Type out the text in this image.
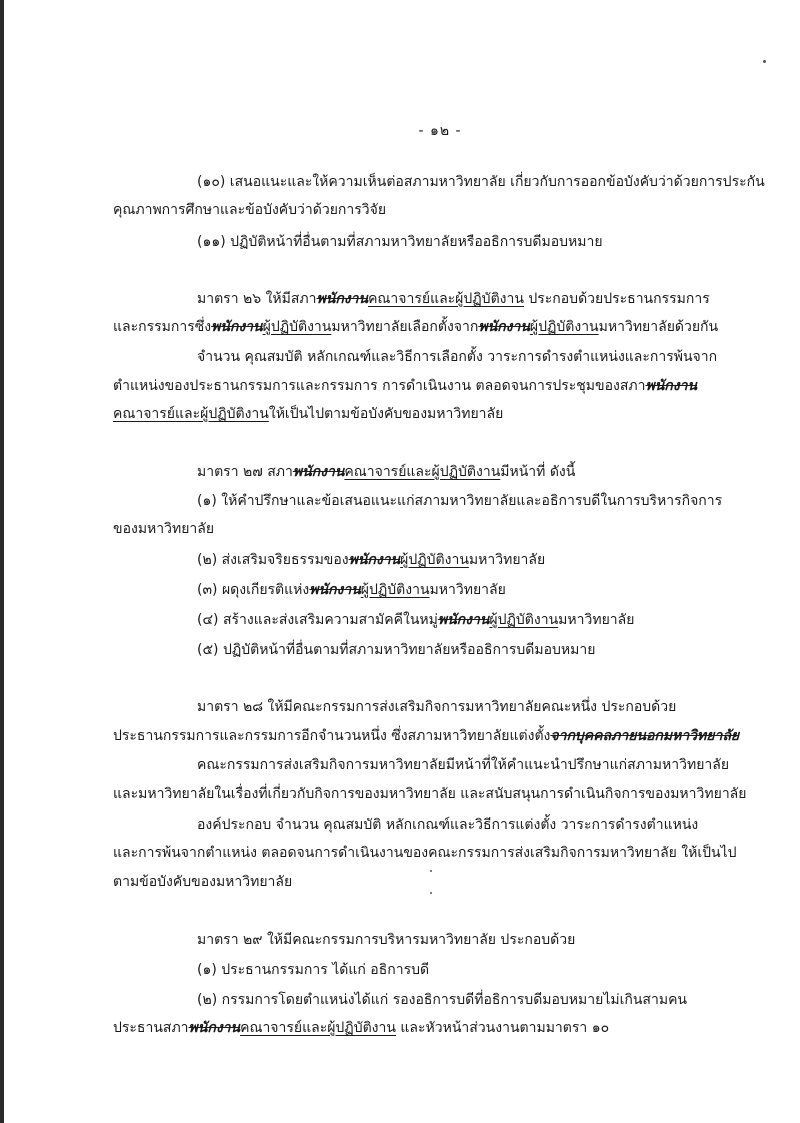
- ๑๒ -
(๑๐) เสนอแนะและให้ความเห็นต่อสภามหาวิทยาลัย เกี่ยวกับการออกข้อบังคับว่าด้วยการประกัน
คุณภาพการศึกษาและข้อบังคับว่าด้วยการวิจัย
(๑๑) ปฏิบัติหน้าที่อื่นตามที่สภามหาวิทยาลัยหรืออธิการบดีมอบหมาย
มาตรา ๒๖ ให้มีสภาพนักงานคณาจารย์และผู้ปฏิบัติงาน ประกอบด้วยประธานกรรมการ
และกรรมการซึ่งพนักงานผู้ปฏิบัติงานมหาวิทยาลัยเลือกตั้งจากพนักงานผู้ปฏิบัติงานมหาวิทยาลัยด้วยกัน
จำนวน คุณสมบัติ หลักเกณฑ์และวิธีการเลือกตั้ง วาระการดำรงตำแหน่งและการพ้นจาก
ตำแหน่งของประธานกรรมการและกรรมการ การดำเนินงาน ตลอดจนการประชุมของสภาพนักงาน
คณาจารย์และผู้ปฏิบัติงานให้เป็นไปตามข้อบังคับของมหาวิทยาลัย
มาตรา ๒๗ สภาพนักงานคณาจารย์และผู้ปฏิบัติงานมีหน้าที่ ดังนี้
(๑) ให้คำปรึกษาและข้อเสนอแนะแก่สภามหาวิทยาลัยและอธิการบดีในการบริหารกิจการ
ของมหาวิทยาลัย
(๒) ส่งเสริมจริยธรรมของพนักงานผู้ปฏิบัติงานมหาวิทยาลัย
(๓) ผดุงเกียรติแห่งพนักงานผู้ปฏิบัติงานมหาวิทยาลัย
(๔) สร้างและส่งเสริมความสามัคคีในหมู่พนักงานผู้ปฏิบัติงานมหาวิทยาลัย
(๕) ปฏิบัติหน้าที่อื่นตามที่สภามหาวิทยาลัยหรืออธิการบดีมอบหมาย
มาตรา ๒๘ ให้มีคณะกรรมการส่งเสริมกิจการมหาวิทยาลัยคณะหนึ่ง ประกอบด้วย
ประธานกรรมการและกรรมการอีกจำนวนหนึ่ง ซึ่งสภามหาวิทยาลัยแต่งตั้งจากบุคคลภายนอกมหาวิทยาลัย
คณะกรรมการส่งเสริมกิจการมหาวิทยาลัยมีหน้าที่ให้คำแนะนำปรึกษาแก่สภามหาวิทยาลัย
และมหาวิทยาลัยในเรื่องที่เกี่ยวกับกิจการของมหาวิทยาลัย และสนับสนุนการดำเนินกิจการของมหาวิทยาลัย
องค์ประกอบ จำนวน คุณสมบัติ หลักเกณฑ์และวิธีการแต่งตั้ง วาระการดำรงตำแหน่ง
และการพ้นจากตำแหน่ง ตลอดจนการดำเนินงานของคณะกรรมการส่งเสริมกิจการมหาวิทยาลัย ให้เป็นไป
ตามข้อบังคับของมหาวิทยาลัย
มาตรา ๒๙ ให้มีคณะกรรมการบริหารมหาวิทยาลัย ประกอบด้วย
(๑) ประธานกรรมการ ได้แก่ อธิการบดี
(๒) กรรมการโดยตำแหน่งได้แก่ รองอธิการบดีที่อธิการบดีมอบหมายไม่เกินสามคน
ประธานสภาพนักงานคณาจารย์และผู้ปฏิบัติงาน และหัวหน้าส่วนงานตามมาตรา ๑๐
